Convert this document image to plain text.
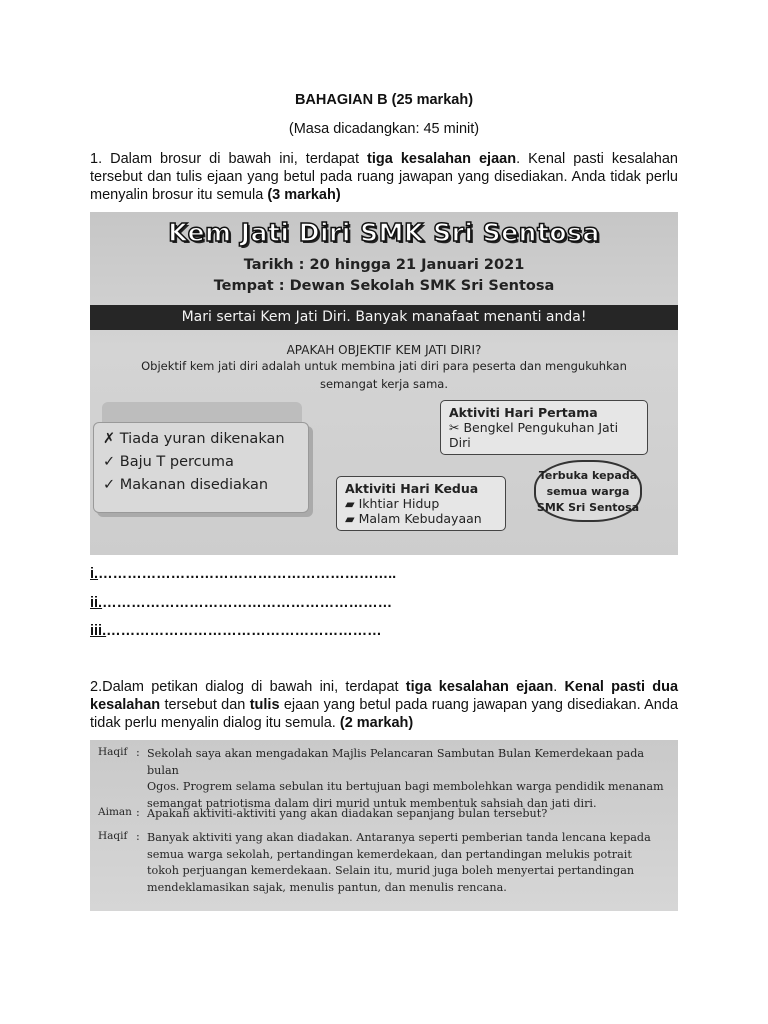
BAHAGIAN B (25 markah)
(Masa dicadangkan: 45 minit)
1. Dalam brosur di bawah ini, terdapat tiga kesalahan ejaan. Kenal pasti kesalahan tersebut dan tulis ejaan yang betul pada ruang jawapan yang disediakan. Anda tidak perlu menyalin brosur itu semula (3 markah)
Kem Jati Diri SMK Sri Sentosa
Tarikh : 20 hingga 21 Januari 2021
Tempat : Dewan Sekolah SMK Sri Sentosa
Mari sertai Kem Jati Diri. Banyak manafaat menanti anda!
APAKAH OBJEKTIF KEM JATI DIRI?
Objektif kem jati diri adalah untuk membina jati diri para peserta dan mengukuhkan
semangat kerja sama.
✗ Tiada yuran dikenakan
✓ Baju T percuma
✓ Makanan disediakan
Aktiviti Hari Pertama
✂ Bengkel Pengukuhan Jati Diri
Aktiviti Hari Kedua
▰ Ikhtiar Hidup
▰ Malam Kebudayaan
Terbuka kepada
semua warga
SMK Sri Sentosa
i.……………………………………………………..
ii.……………………………………………………
iii.…………………………………………………
2.Dalam petikan dialog di bawah ini, terdapat tiga kesalahan ejaan. Kenal pasti dua kesalahan tersebut dan tulis ejaan yang betul pada ruang jawapan yang disediakan. Anda tidak perlu menyalin dialog itu semula. (2 markah)
Haqif : Sekolah saya akan mengadakan Majlis Pelancaran Sambutan Bulan Kemerdekaan pada bulan
Ogos. Progrem selama sebulan itu bertujuan bagi membolehkan warga pendidik menanam
semangat patriotisma dalam diri murid untuk membentuk sahsiah dan jati diri.
Aiman : Apakah aktiviti-aktiviti yang akan diadakan sepanjang bulan tersebut?
Haqif : Banyak aktiviti yang akan diadakan. Antaranya seperti pemberian tanda lencana kepada
semua warga sekolah, pertandingan kemerdekaan, dan pertandingan melukis potrait
tokoh perjuangan kemerdekaan. Selain itu, murid juga boleh menyertai pertandingan
mendeklamasikan sajak, menulis pantun, dan menulis rencana.
